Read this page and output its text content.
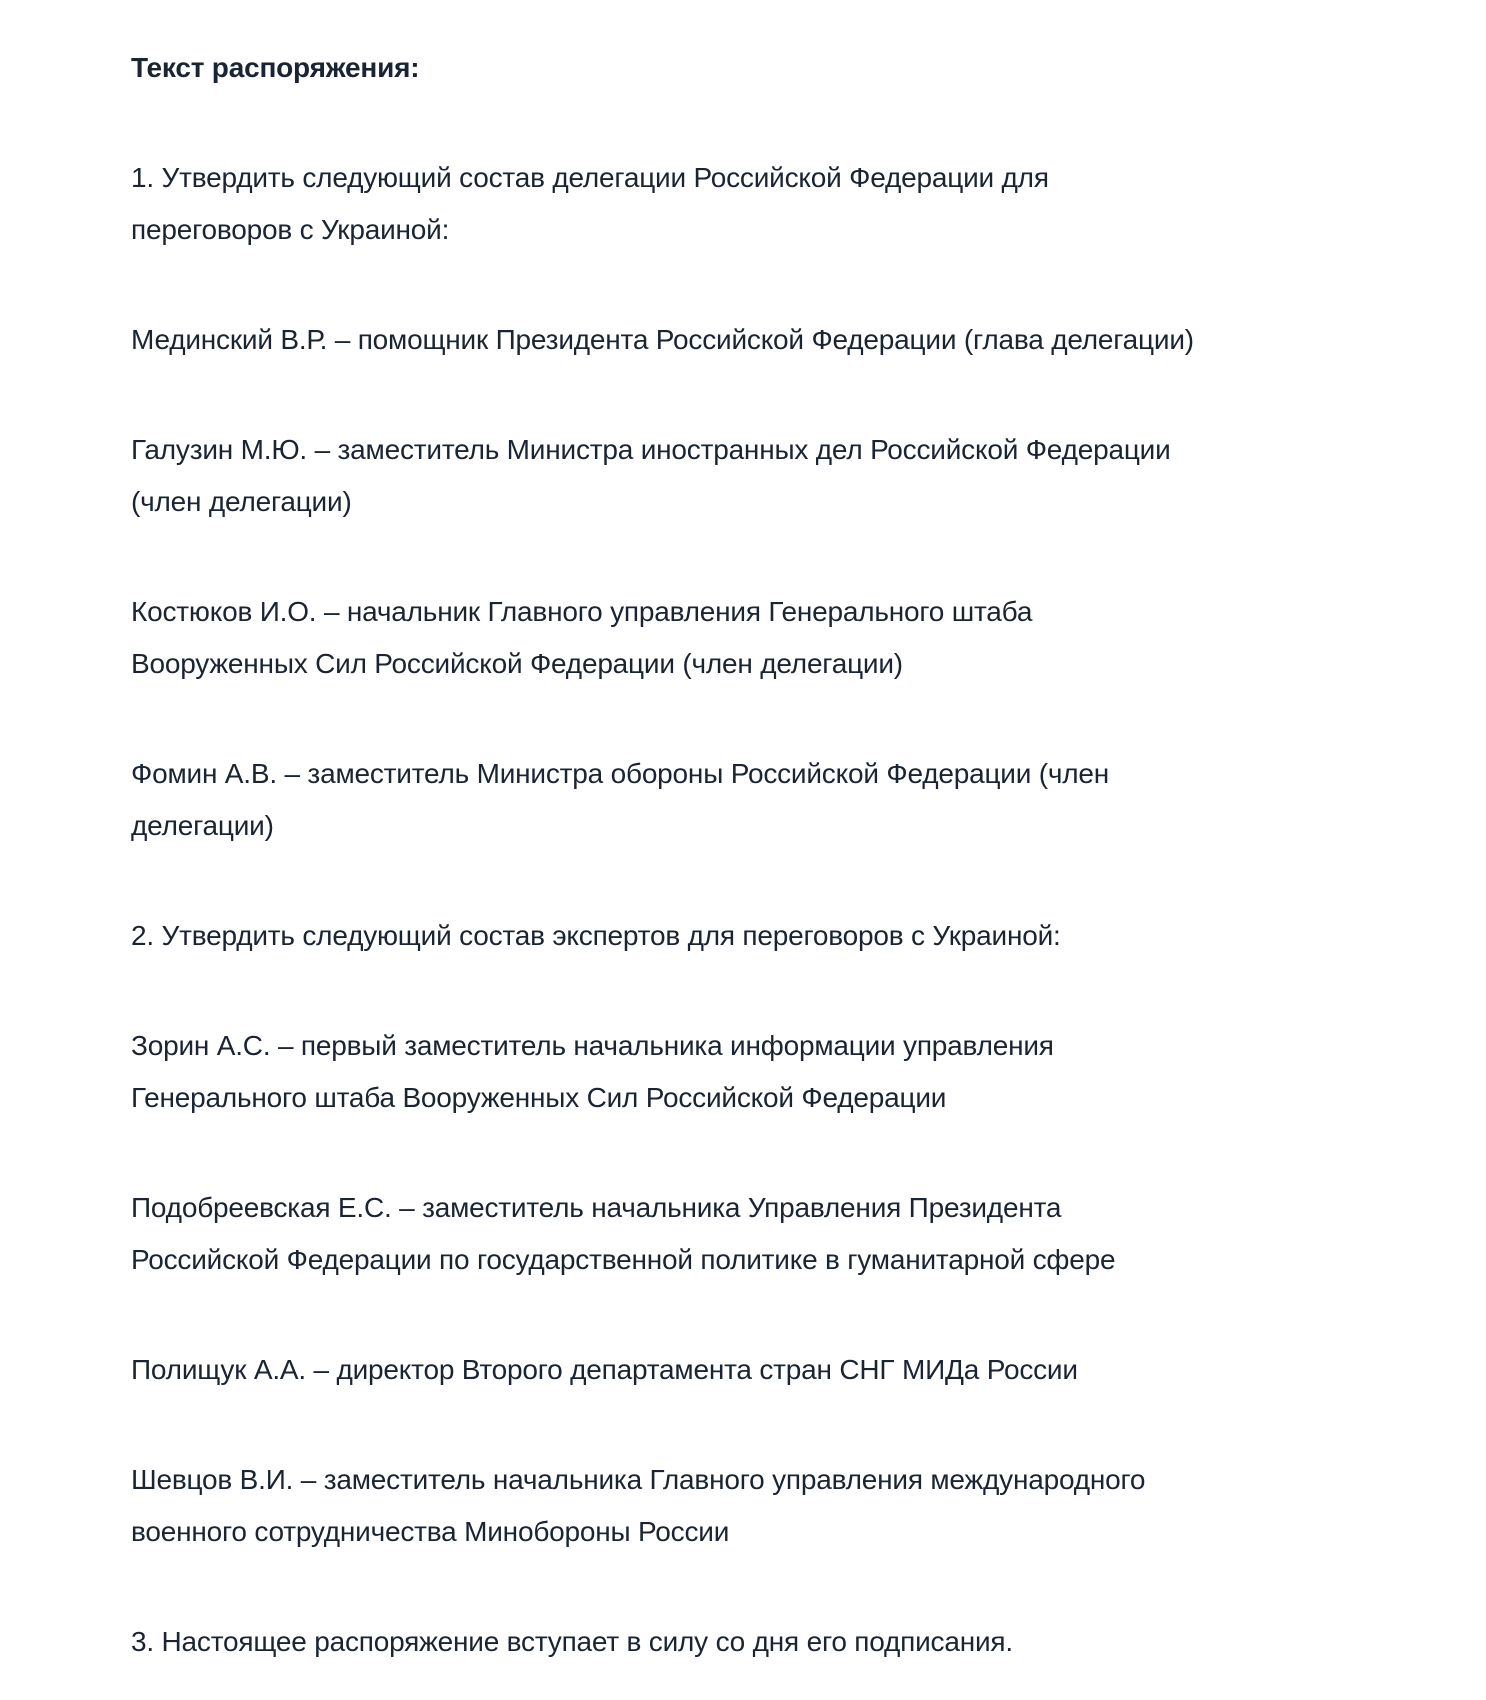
Текст распоряжения:

1. Утвердить следующий состав делегации Российской Федерации для
переговоров с Украиной:

Мединский В.Р. – помощник Президента Российской Федерации (глава делегации)

Галузин М.Ю. – заместитель Министра иностранных дел Российской Федерации
(член делегации)

Костюков И.О. – начальник Главного управления Генерального штаба
Вооруженных Сил Российской Федерации (член делегации)

Фомин А.В. – заместитель Министра обороны Российской Федерации (член
делегации)

2. Утвердить следующий состав экспертов для переговоров с Украиной:

Зорин А.С. – первый заместитель начальника информации управления
Генерального штаба Вооруженных Сил Российской Федерации

Подобреевская Е.С. – заместитель начальника Управления Президента
Российской Федерации по государственной политике в гуманитарной сфере

Полищук А.А. – директор Второго департамента стран СНГ МИДа России

Шевцов В.И. – заместитель начальника Главного управления международного
военного сотрудничества Минобороны России

3. Настоящее распоряжение вступает в силу со дня его подписания.
